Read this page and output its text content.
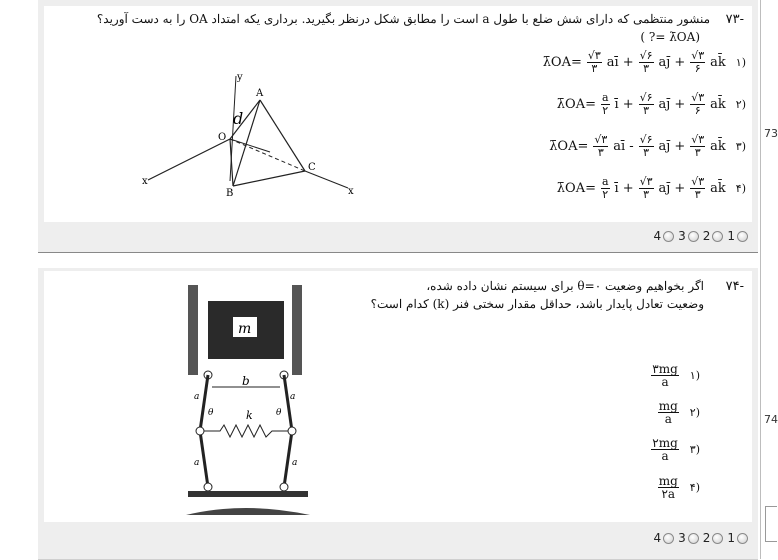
۷۳-
منشور منتظمی که دارای شش ضلع با طول a است را مطابق شکل درنظر بگیرید. برداری یکه امتداد OA را به دست آورید؟
(λ̄OA =? )
y
x
x
O
A
B
C
d
λ̄OA= $\frac{√۳}{۳}$ aī + $\frac{√۶}{۳}$ aj̄ + $\frac{√۳}{۶}$ ak̄ ۱)
λ̄OA= $\frac{a}{۲}$ ī + $\frac{√۶}{۳}$ aj̄ + $\frac{√۳}{۶}$ ak̄ ۲)
λ̄OA= $\frac{√۳}{۳}$ aī - $\frac{√۶}{۳}$ aj̄ + $\frac{√۳}{۳}$ ak̄ ۳)
λ̄OA= $\frac{a}{۲}$ ī + $\frac{√۳}{۳}$ aj̄ + $\frac{√۳}{۳}$ ak̄ ۴)
4 3 2 1
73
۷۴-
اگر بخواهیم وضعیت ۰=θ برای سیستم نشان داده شده،
وضعیت تعادل پایدار باشد، حداقل مقدار سختی فنر (k) کدام است؟
m
b
k
a	a
a	a
θ	θ
$\frac{۳mg}{a}$ ۱)
$\frac{mg}{a}$ ۲)
$\frac{۲mg}{a}$ ۳)
$\frac{mg}{۲a}$ ۴)
4 3 2 1
74
